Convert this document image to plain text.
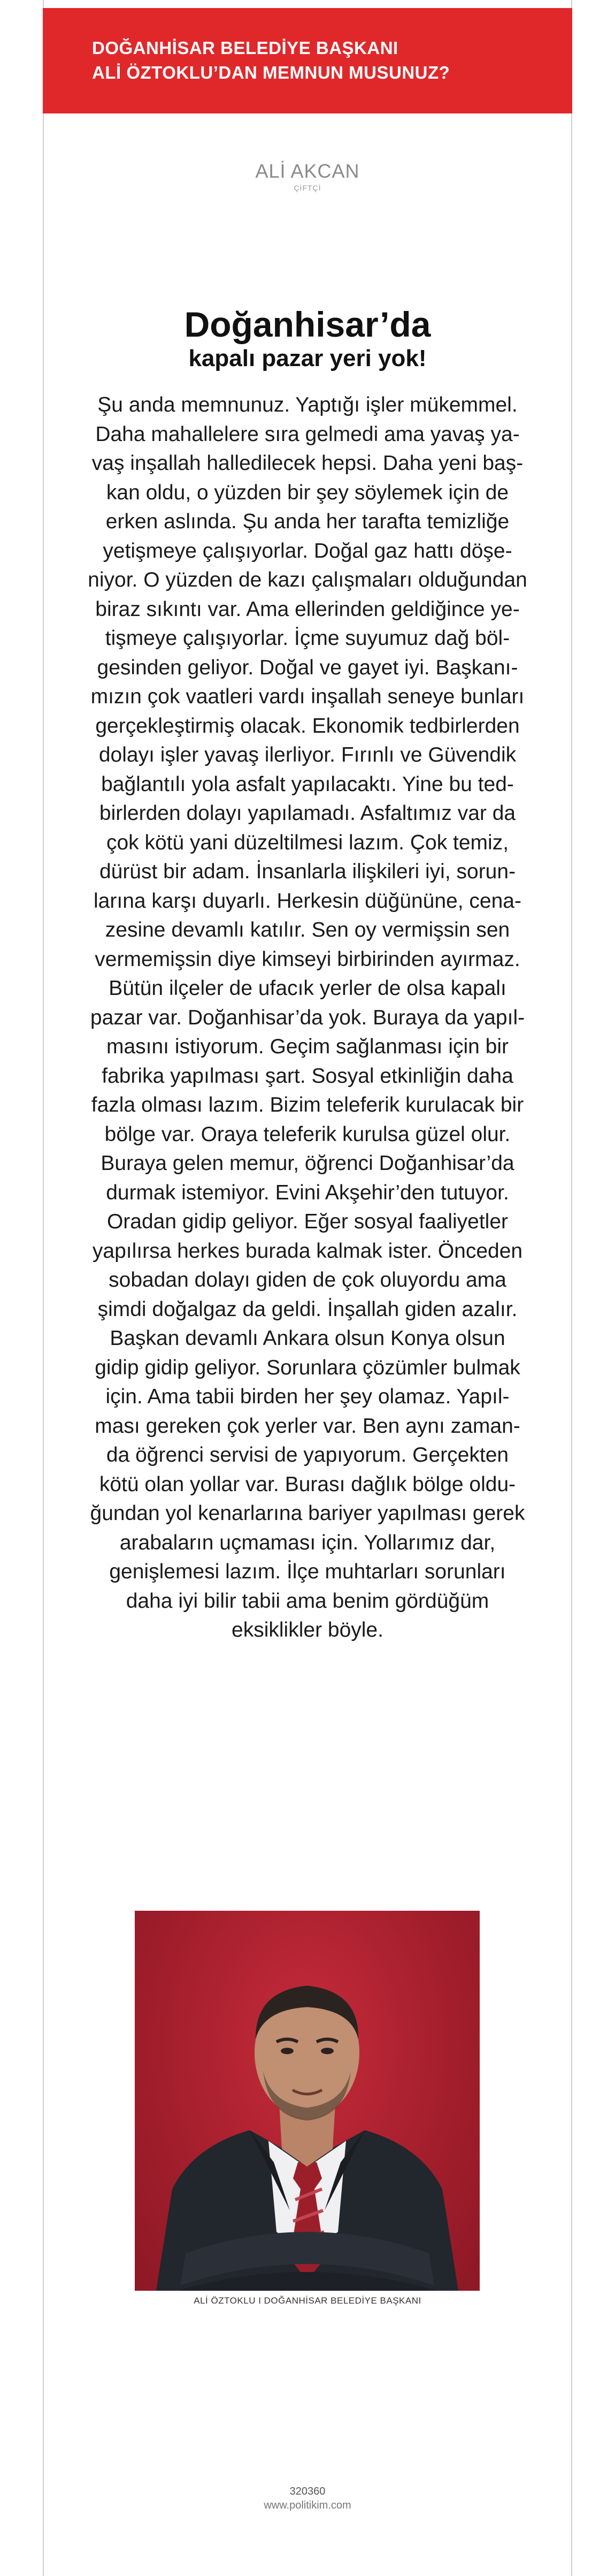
DOĞANHİSAR BELEDİYE BAŞKANI
ALİ ÖZTOKLU’DAN MEMNUN MUSUNUZ?
ALİ AKCAN
ÇİFTÇİ
Doğanhisar’da
kapalı pazar yeri yok!
Şu anda memnunuz. Yaptığı işler mükemmel.
Daha mahallelere sıra gelmedi ama yavaş ya-
vaş inşallah halledilecek hepsi. Daha yeni baş-
kan oldu, o yüzden bir şey söylemek için de
erken aslında. Şu anda her tarafta temizliğe
yetişmeye çalışıyorlar. Doğal gaz hattı döşe-
niyor. O yüzden de kazı çalışmaları olduğundan
biraz sıkıntı var. Ama ellerinden geldiğince ye-
tişmeye çalışıyorlar. İçme suyumuz dağ böl-
gesinden geliyor. Doğal ve gayet iyi. Başkanı-
mızın çok vaatleri vardı inşallah seneye bunları
gerçekleştirmiş olacak. Ekonomik tedbirlerden
dolayı işler yavaş ilerliyor. Fırınlı ve Güvendik
bağlantılı yola asfalt yapılacaktı. Yine bu ted-
birlerden dolayı yapılamadı. Asfaltımız var da
çok kötü yani düzeltilmesi lazım. Çok temiz,
dürüst bir adam. İnsanlarla ilişkileri iyi, sorun-
larına karşı duyarlı. Herkesin düğününe, cena-
zesine devamlı katılır. Sen oy vermişsin sen
vermemişsin diye kimseyi birbirinden ayırmaz.
Bütün ilçeler de ufacık yerler de olsa kapalı
pazar var. Doğanhisar’da yok. Buraya da yapıl-
masını istiyorum. Geçim sağlanması için bir
fabrika yapılması şart. Sosyal etkinliğin daha
fazla olması lazım. Bizim teleferik kurulacak bir
bölge var. Oraya teleferik kurulsa güzel olur.
Buraya gelen memur, öğrenci Doğanhisar’da
durmak istemiyor. Evini Akşehir’den tutuyor.
Oradan gidip geliyor. Eğer sosyal faaliyetler
yapılırsa herkes burada kalmak ister. Önceden
sobadan dolayı giden de çok oluyordu ama
şimdi doğalgaz da geldi. İnşallah giden azalır.
Başkan devamlı Ankara olsun Konya olsun
gidip gidip geliyor. Sorunlara çözümler bulmak
için. Ama tabii birden her şey olamaz. Yapıl-
ması gereken çok yerler var. Ben aynı zaman-
da öğrenci servisi de yapıyorum. Gerçekten
kötü olan yollar var. Burası dağlık bölge oldu-
ğundan yol kenarlarına bariyer yapılması gerek
arabaların uçmaması için. Yollarımız dar,
genişlemesi lazım. İlçe muhtarları sorunları
daha iyi bilir tabii ama benim gördüğüm
eksiklikler böyle.
ALİ ÖZTOKLU I DOĞANHİSAR BELEDİYE BAŞKANI
320360
www.politikim.com
